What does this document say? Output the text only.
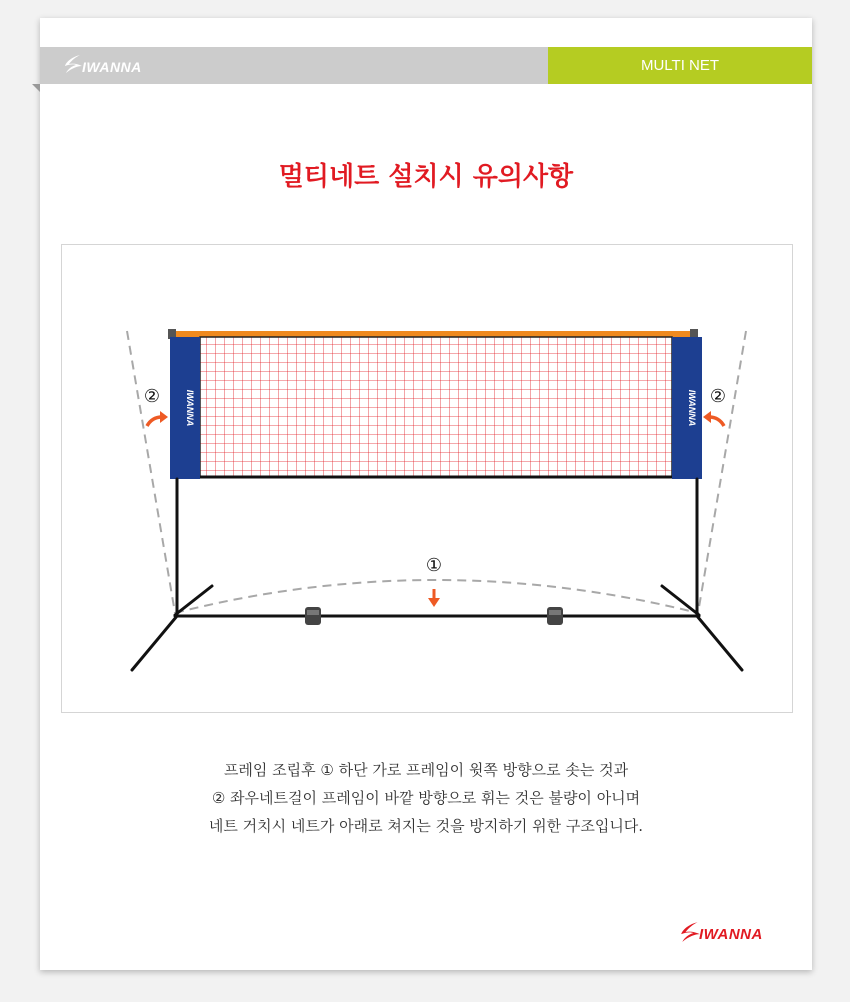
IWANNA	MULTI NET
멀티네트 설치시 유의사항
IWANNA	IWANNA
①
②	②
프레임 조립후 ① 하단 가로 프레임이 윗쪽 방향으로 솟는 것과
② 좌우네트걸이 프레임이 바깥 방향으로 휘는 것은 불량이 아니며
네트 거치시 네트가 아래로 쳐지는 것을 방지하기 위한 구조입니다.
IWANNA
